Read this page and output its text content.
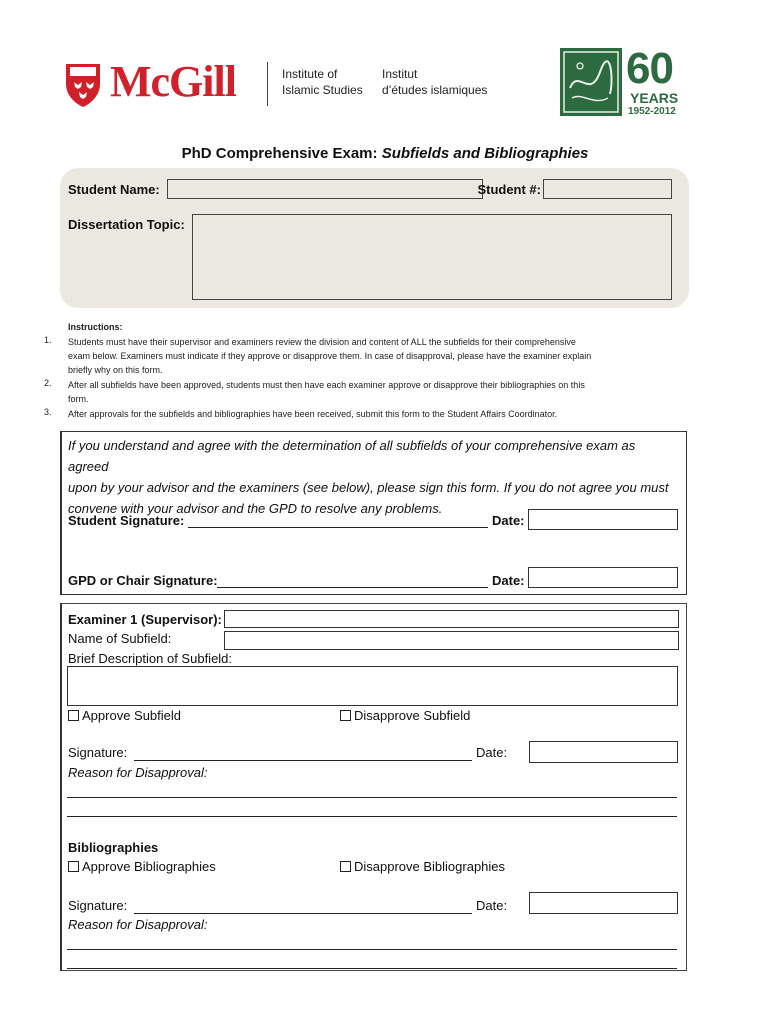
McGill	Institute of
Islamic Studies
Institut
d’études islamiques	60
YEARS
1952-2012
PhD Comprehensive Exam: Subfields and Bibliographies
Student Name:	Student #:
Dissertation Topic:
Instructions:
1. Students must have their supervisor and examiners review the division and content of ALL the subfields for their comprehensive
exam below. Examiners must indicate if they approve or disapprove them. In case of disapproval, please have the examiner explain
briefly why on this form.
2. After all subfields have been approved, students must then have each examiner approve or disapprove their bibliographies on this
form.
3. After approvals for the subfields and bibliographies have been received, submit this form to the Student Affairs Coordinator.
If you understand and agree with the determination of all subfields of your comprehensive exam as agreed
upon by your advisor and the examiners (see below), please sign this form. If you do not agree you must
convene with your advisor and the GPD to resolve any problems.
Student Signature:	Date:
GPD or Chair Signature:	Date:
Examiner 1 (Supervisor):
Name of Subfield:
Brief Description of Subfield:
Approve Subfield	Disapprove Subfield
Signature:	Date:
Reason for Disapproval:
Bibliographies
Approve Bibliographies	Disapprove Bibliographies
Signature:	Date:
Reason for Disapproval:
